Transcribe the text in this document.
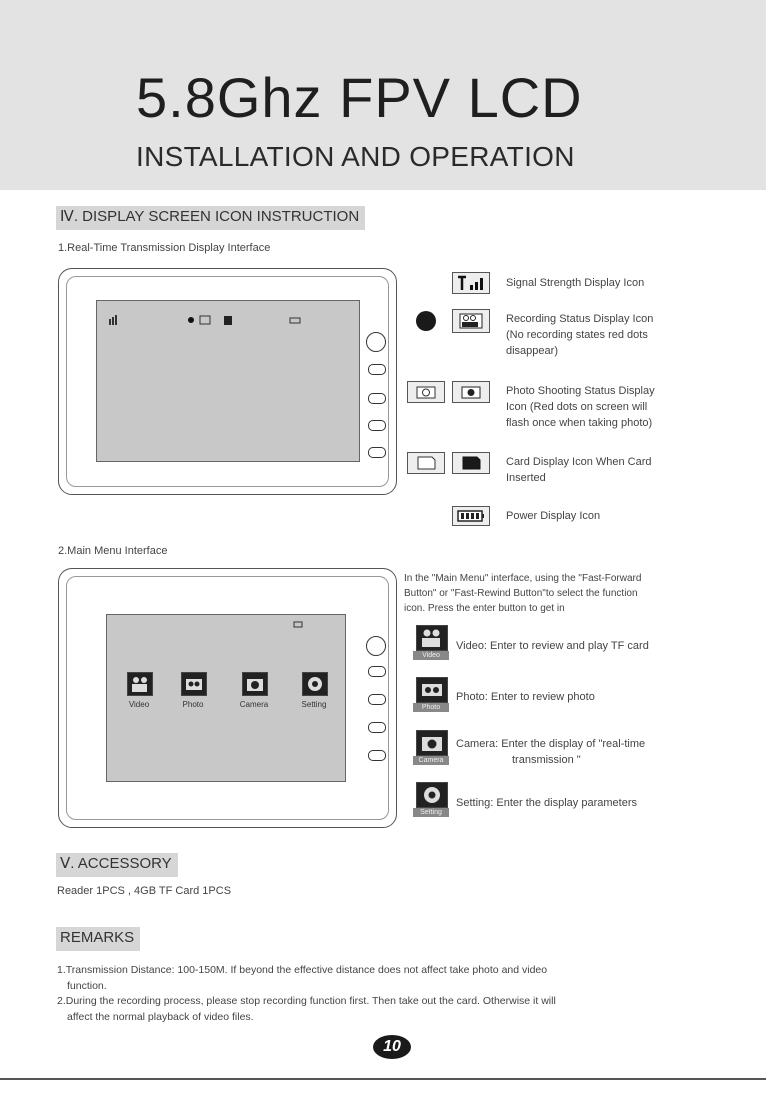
5.8Ghz FPV LCD
INSTALLATION AND OPERATION
Ⅳ. DISPLAY SCREEN ICON INSTRUCTION
1.Real-Time Transmission Display Interface
Signal Strength Display Icon
Recording Status Display Icon
(No recording states red dots
disappear)
Photo Shooting Status Display
Icon (Red dots on screen will
flash once when taking photo)
Card Display Icon When Card
Inserted
Power Display Icon
2.Main Menu Interface
Video	Photo	Camera	Setting
In the "Main Menu" interface, using the "Fast-Forward
Button" or "Fast-Rewind Button"to select the function
icon. Press the enter button to get in
Video
Video: Enter to review and play TF card
Photo
Photo: Enter to review photo
Camera
Camera: Enter the display of "real-time
transmission "
Setting
Setting: Enter the display parameters
Ⅴ. ACCESSORY
Reader 1PCS , 4GB TF Card 1PCS
REMARKS
1.Transmission Distance: 100-150M. If beyond the effective distance does not affect take photo and video
function.
2.During the recording process, please stop recording function first. Then take out the card. Otherwise it will
affect the normal playback of video files.
10
